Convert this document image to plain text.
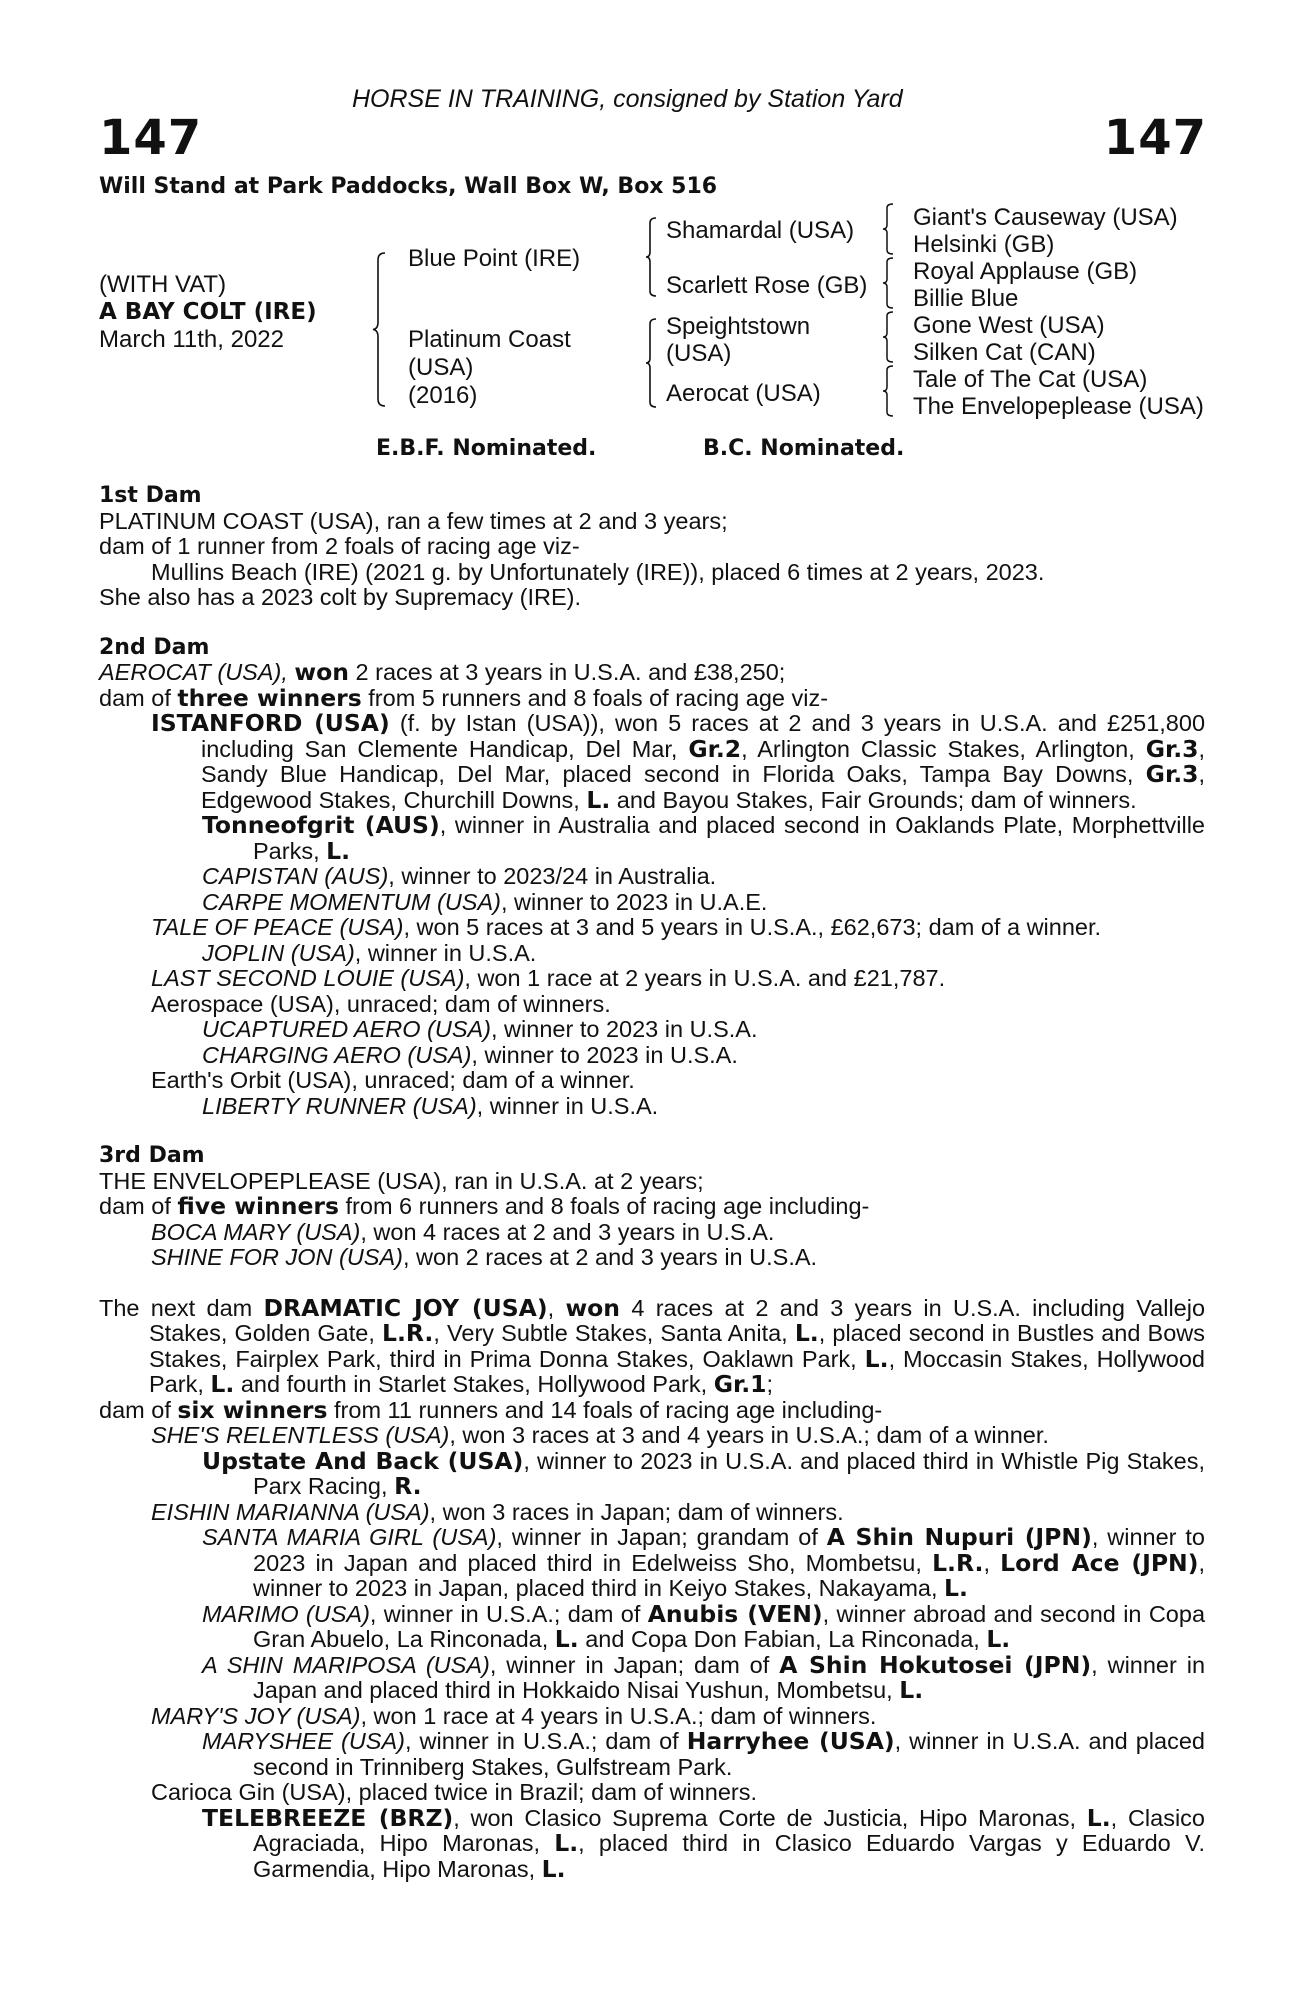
HORSE IN TRAINING, consigned by Station Yard
147	147
Will Stand at Park Paddocks, Wall Box W, Box 516
(WITH VAT)
A BAY COLT (IRE)
March 11th, 2022
Blue Point (IRE)
Platinum Coast
(USA)
(2016)
Shamardal (USA)
Scarlett Rose (GB)
Speightstown
(USA)
Aerocat (USA)
Giant's Causeway (USA)
Helsinki (GB)
Royal Applause (GB)
Billie Blue
Gone West (USA)
Silken Cat (CAN)
Tale of The Cat (USA)
The Envelopeplease (USA)
E.B.F. Nominated.	B.C. Nominated.
1st Dam
PLATINUM COAST (USA), ran a few times at 2 and 3 years;
dam of 1 runner from 2 foals of racing age viz-
Mullins Beach (IRE) (2021 g. by Unfortunately (IRE)), placed 6 times at 2 years, 2023.
She also has a 2023 colt by Supremacy (IRE).
2nd Dam
AEROCAT (USA), won 2 races at 3 years in U.S.A. and £38,250;
dam of three winners from 5 runners and 8 foals of racing age viz-
ISTANFORD (USA) (f. by Istan (USA)), won 5 races at 2 and 3 years in U.S.A. and £251,800 including San Clemente Handicap, Del Mar, Gr.2, Arlington Classic Stakes, Arlington, Gr.3, Sandy Blue Handicap, Del Mar, placed second in Florida Oaks, Tampa Bay Downs, Gr.3, Edgewood Stakes, Churchill Downs, L. and Bayou Stakes, Fair Grounds; dam of winners.
Tonneofgrit (AUS), winner in Australia and placed second in Oaklands Plate, Morphettville Parks, L.
CAPISTAN (AUS), winner to 2023/24 in Australia.
CARPE MOMENTUM (USA), winner to 2023 in U.A.E.
TALE OF PEACE (USA), won 5 races at 3 and 5 years in U.S.A., £62,673; dam of a winner.
JOPLIN (USA), winner in U.S.A.
LAST SECOND LOUIE (USA), won 1 race at 2 years in U.S.A. and £21,787.
Aerospace (USA), unraced; dam of winners.
UCAPTURED AERO (USA), winner to 2023 in U.S.A.
CHARGING AERO (USA), winner to 2023 in U.S.A.
Earth's Orbit (USA), unraced; dam of a winner.
LIBERTY RUNNER (USA), winner in U.S.A.
3rd Dam
THE ENVELOPEPLEASE (USA), ran in U.S.A. at 2 years;
dam of five winners from 6 runners and 8 foals of racing age including-
BOCA MARY (USA), won 4 races at 2 and 3 years in U.S.A.
SHINE FOR JON (USA), won 2 races at 2 and 3 years in U.S.A.
The next dam DRAMATIC JOY (USA), won 4 races at 2 and 3 years in U.S.A. including Vallejo Stakes, Golden Gate, L.R., Very Subtle Stakes, Santa Anita, L., placed second in Bustles and Bows Stakes, Fairplex Park, third in Prima Donna Stakes, Oaklawn Park, L., Moccasin Stakes, Hollywood Park, L. and fourth in Starlet Stakes, Hollywood Park, Gr.1;
dam of six winners from 11 runners and 14 foals of racing age including-
SHE'S RELENTLESS (USA), won 3 races at 3 and 4 years in U.S.A.; dam of a winner.
Upstate And Back (USA), winner to 2023 in U.S.A. and placed third in Whistle Pig Stakes, Parx Racing, R.
EISHIN MARIANNA (USA), won 3 races in Japan; dam of winners.
SANTA MARIA GIRL (USA), winner in Japan; grandam of A Shin Nupuri (JPN), winner to 2023 in Japan and placed third in Edelweiss Sho, Mombetsu, L.R., Lord Ace (JPN), winner to 2023 in Japan, placed third in Keiyo Stakes, Nakayama, L.
MARIMO (USA), winner in U.S.A.; dam of Anubis (VEN), winner abroad and second in Copa Gran Abuelo, La Rinconada, L. and Copa Don Fabian, La Rinconada, L.
A SHIN MARIPOSA (USA), winner in Japan; dam of A Shin Hokutosei (JPN), winner in Japan and placed third in Hokkaido Nisai Yushun, Mombetsu, L.
MARY'S JOY (USA), won 1 race at 4 years in U.S.A.; dam of winners.
MARYSHEE (USA), winner in U.S.A.; dam of Harryhee (USA), winner in U.S.A. and placed second in Trinniberg Stakes, Gulfstream Park.
Carioca Gin (USA), placed twice in Brazil; dam of winners.
TELEBREEZE (BRZ), won Clasico Suprema Corte de Justicia, Hipo Maronas, L., Clasico Agraciada, Hipo Maronas, L., placed third in Clasico Eduardo Vargas y Eduardo V. Garmendia, Hipo Maronas, L.
